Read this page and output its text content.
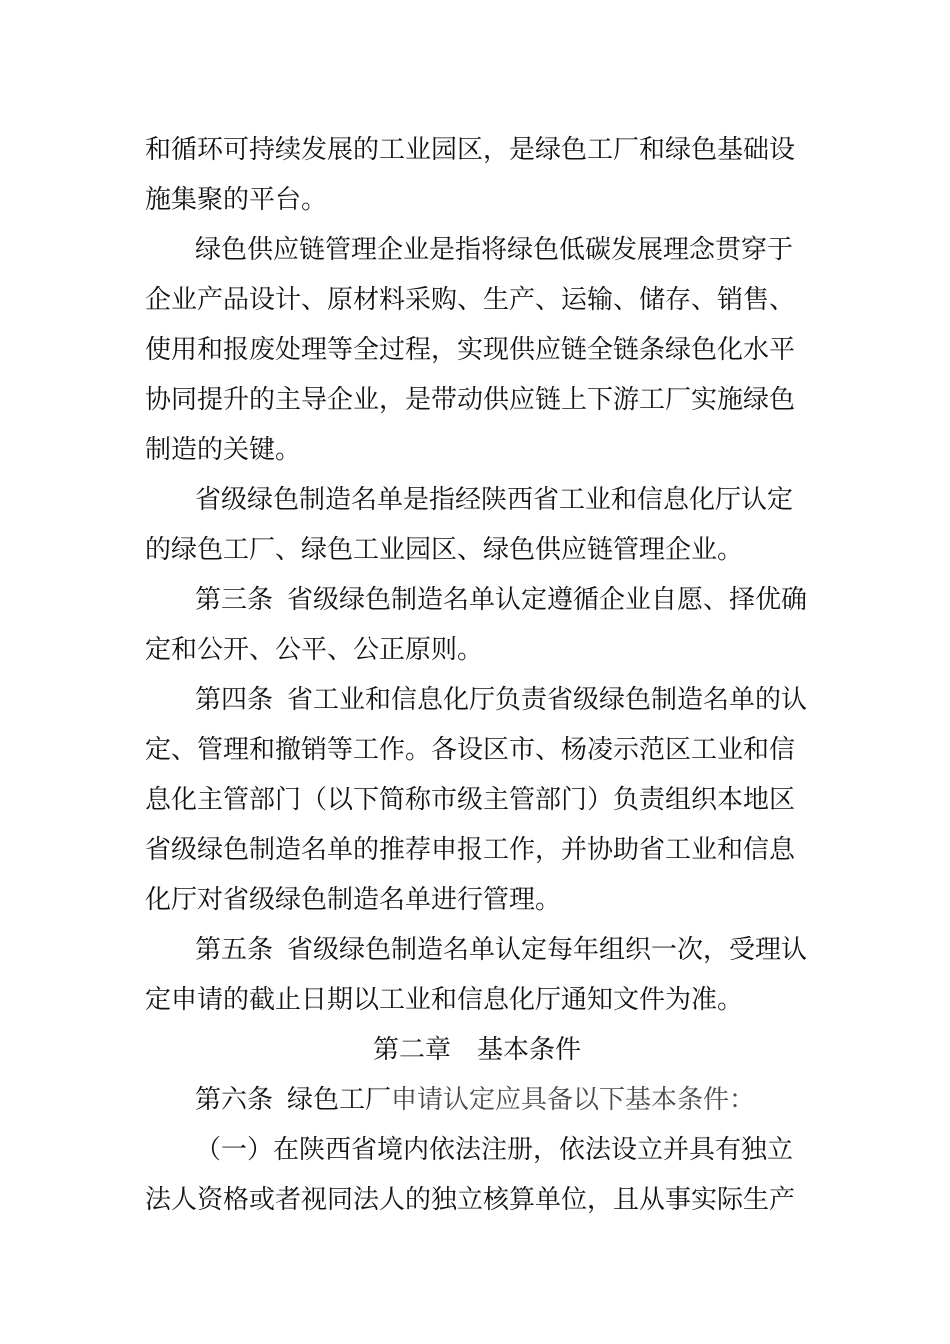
和循环可持续发展的工业园区，是绿色工厂和绿色基础设
施集聚的平台。
绿色供应链管理企业是指将绿色低碳发展理念贯穿于
企业产品设计、原材料采购、生产、运输、储存、销售、
使用和报废处理等全过程，实现供应链全链条绿色化水平
协同提升的主导企业，是带动供应链上下游工厂实施绿色
制造的关键。
省级绿色制造名单是指经陕西省工业和信息化厅认定
的绿色工厂、绿色工业园区、绿色供应链管理企业。
第三条 省级绿色制造名单认定遵循企业自愿、择优确
定和公开、公平、公正原则。
第四条 省工业和信息化厅负责省级绿色制造名单的认
定、管理和撤销等工作。各设区市、杨凌示范区工业和信
息化主管部门（以下简称市级主管部门）负责组织本地区
省级绿色制造名单的推荐申报工作，并协助省工业和信息
化厅对省级绿色制造名单进行管理。
第五条 省级绿色制造名单认定每年组织一次，受理认
定申请的截止日期以工业和信息化厅通知文件为准。
第二章 基本条件
第六条 绿色工厂申请认定应具备以下基本条件：
（一）在陕西省境内依法注册，依法设立并具有独立
法人资格或者视同法人的独立核算单位，且从事实际生产
